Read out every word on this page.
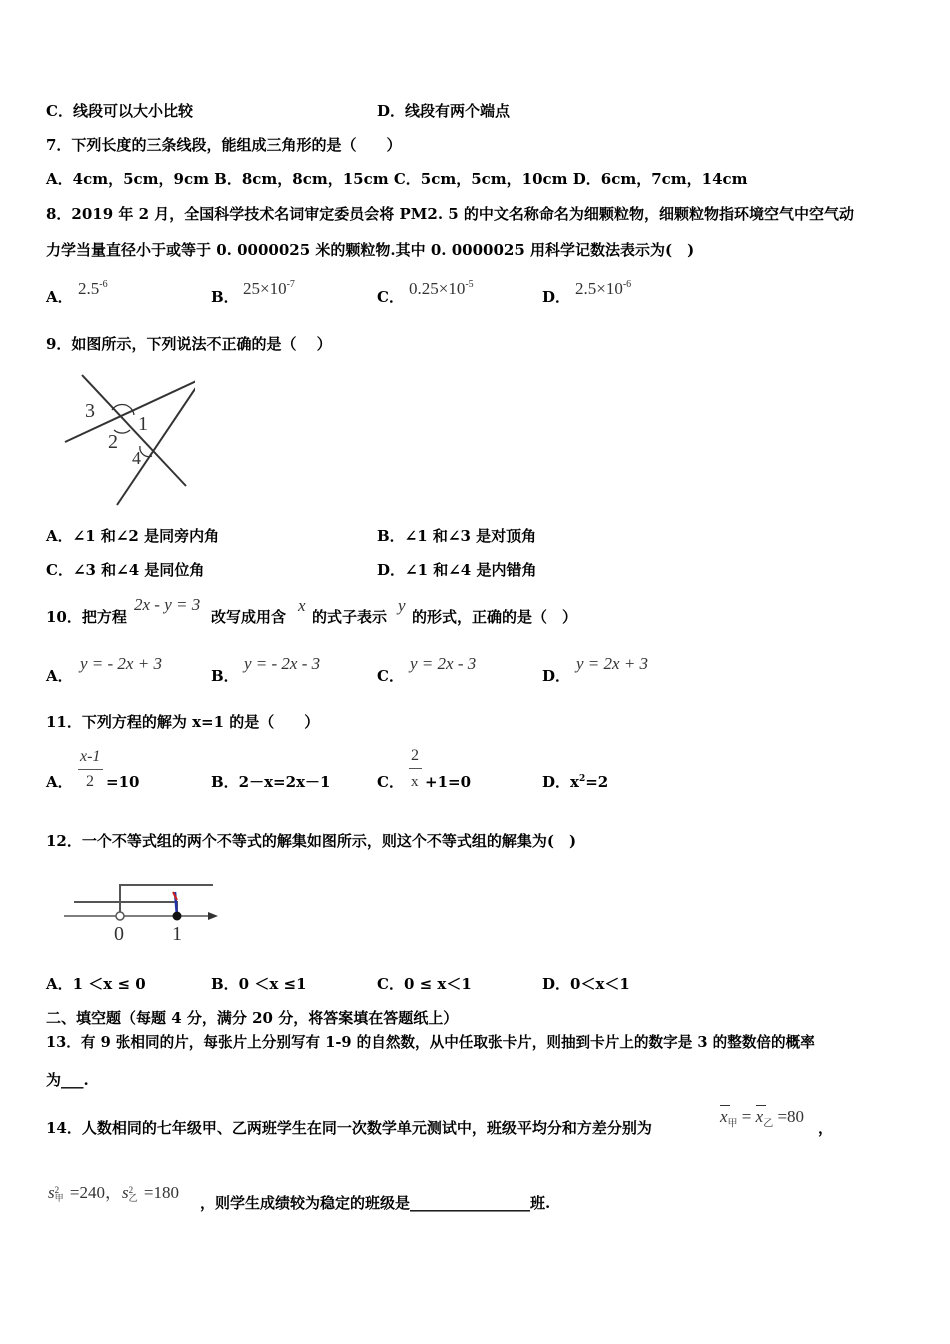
C．线段可以大小比较	D．线段有两个端点
7．下列长度的三条线段，能组成三角形的是（　　）
A．4cm，5cm，9cm B．8cm，8cm，15cm C．5cm，5cm，10cm D．6cm，7cm，14cm
8．2019 年 2 月，全国科学技术名词审定委员会将 PM2. 5 的中文名称命名为细颗粒物，细颗粒物指环境空气中空气动
力学当量直径小于或等于 0. 0000025 米的颗粒物.其中 0. 0000025 用科学记数法表示为(　)
A． $2.5^{-6}$
B． $25\times 10^{-7}$
C． $0.25\times 10^{-5}$
D． $2.5\times 10^{-6}$
9．如图所示，下列说法不正确的是（　 ）
3
1
2
4
A．∠1 和∠2 是同旁内角	B．∠1 和∠3 是对顶角
C．∠3 和∠4 是同位角	D．∠1 和∠4 是内错角
10．把方程
2x - y = 3
改写成用含
x
的式子表示
y
的形式，正确的是（　）
A．
y = - 2x + 3
B．
y = - 2x - 3
C．
y = 2x - 3
D．
y = 2x + 3
11．下列方程的解为 x=1 的是（　　）
A．
x-1
2 =10	B．2－x=2x－1	C．
2
x +1=0	D．$x^2=2$
12．一个不等式组的两个不等式的解集如图所示，则这个不等式组的解集为(　)
0 1
A．1 ＜x ≤ 0	B．0 ＜x ≤1	C．0 ≤ x＜1	D．0＜x＜1
二、填空题（每题 4 分，满分 20 分，将答案填在答题纸上）
13．有 9 张相同的片，每张片上分别写有 1-9 的自然数，从中任取张卡片，则抽到卡片上的数字是 3 的整数倍的概率
为___.
14．人数相同的七年级甲、乙两班学生在同一次数学单元测试中，班级平均分和方差分别为
$x_甲$ =
$x_乙 =80$
，
s 2
甲 =240，s 2
乙 =180
，则学生成绩较为稳定的班级是________________班.
